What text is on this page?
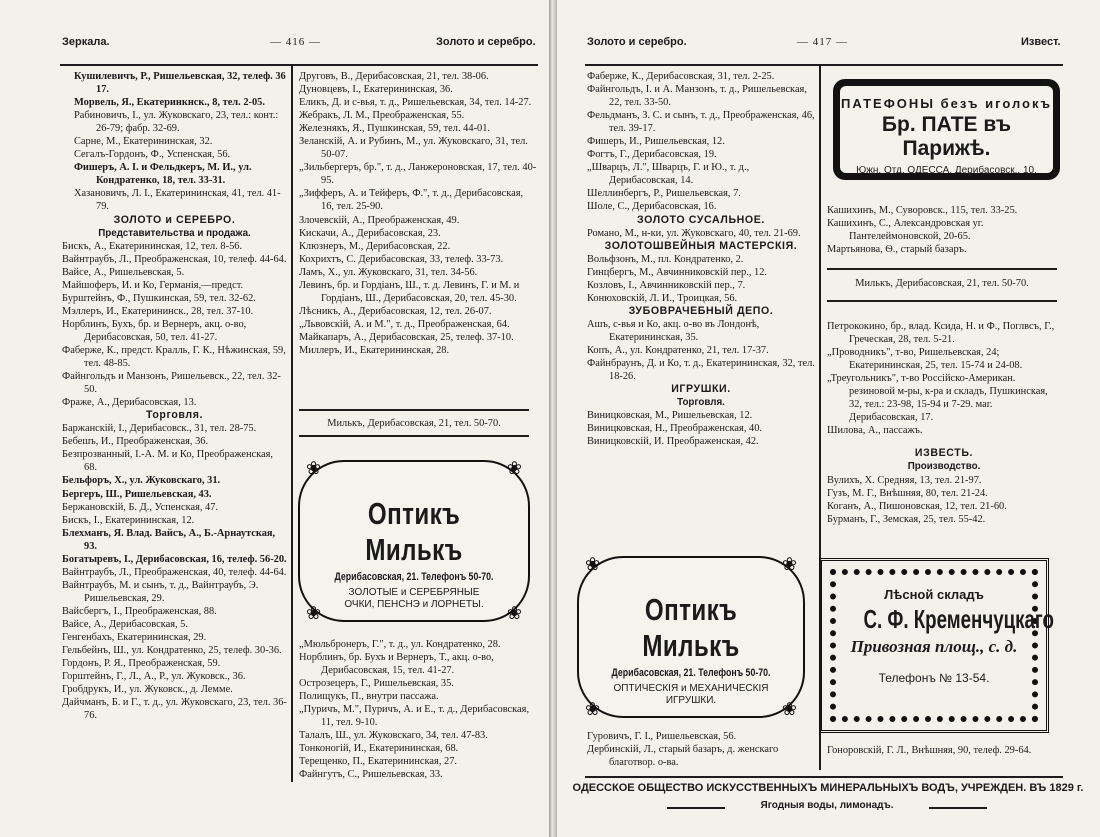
Зеркала.	— 416 —	Золото и серебро.

Кушилевичъ, Р., Ришельевская, 32, телеф. 36 17.

Морвель, Я., Екатеринкнск., 8, тел. 2-05.

Рабиновичъ, І., ул. Жуковскаго, 23, тел.: конт.: 26-79; фабр. 32-69.

Сарне, М., Екатерининская, 32.

Сегалъ-Гордонъ, Ф., Успенская, 56.

Фишеръ, А. І. и Фельдкеръ, М. И., ул. Кондратенко, 18, тел. 33-31.

Хазановичъ, Л. І., Екатерининская, 41, тел. 41-79.

ЗОЛОТО и СЕРЕБРО.

Представительства и продажа.

Бискъ, А., Екатерининская, 12, тел. 8-56.

Вайнтраубъ, Л., Преображенская, 10, телеф. 44-64.

Вайсе, А., Ришельевская, 5.

Майшоферъ, И. и Ко, Германія,—предст.

Бурштейнъ, Ф., Пушкинская, 59, тел. 32-62.

Мэллеръ, И., Екатерининск., 28, тел. 37-10.

Норблинъ, Бухъ, бр. и Вернеръ, акц. о-во, Дерибасовская, 50, тел. 41-27.

Фаберже, К., предст. Кралль, Г. К., Нѣжинская, 59, тел. 48-85.

Файнгольдъ и Манзонъ, Ришельевск., 22, тел. 32-50.

Фраже, А., Дерибасовская, 13.

Торговля.

Баржанскій, І., Дерибасовск., 31, тел. 28-75.

Бебешъ, И., Преображенская, 36.

Безпрозванный, І.-А. М. и Ко, Преображенская, 68.

Бельфоръ, Х., ул. Жуковскаго, 31.

Бергеръ, Ш., Ришельевская, 43.

Бержановскій, Б. Д., Успенская, 47.

Бискъ, І., Екатерининская, 12.

Блехманъ, Я. Влад. Вайсъ, А., Б.-Арнаутская, 93.

Богатыревъ, І., Дерибасовская, 16, телеф. 56-20.

Вайнтраубъ, Л., Преображенская, 40, телеф. 44-64.

Вайнтраубъ, М. и сынъ, т. д., Вайнтраубъ, Э. Ришельевская, 29.

Вайсбергъ, І., Преображенская, 88.

Вайсе, А., Дерибасовская, 5.

Генгенбахъ, Екатерининская, 29.

Гельбейнъ, Ш., ул. Кондратенко, 25, телеф. 30-36.

Гордонъ, Р. Я., Преображенская, 59.

Горштейнъ, Г., Л., А., Р., ул. Жуковск., 36.

Гробдрукъ, И., ул. Жуковск., д. Лемме.

Дайчманъ, Б. и Г., т. д., ул. Жуковскаго, 23, тел. 36-76.

Друговъ, В., Дерибасовская, 21, тел. 38-06.

Дуновцевъ, І., Екатерининская, 36.

Еликъ, Д. и с-вья, т. д., Ришельевская, 34, тел. 14-27.

Жебракъ, Л. М., Преображенская, 55.

Железнякъ, Я., Пушкинская, 59, тел. 44-01.

Зеланскій, А. и Рубинъ, М., ул. Жуковскаго, 31, тел. 50-07.

„Зильбергеръ, бр.", т. д., Ланжероновская, 17, тел. 40-95.

„Зифферъ, А. и Тейферъ, Ф.", т. д., Дерибасовская, 16, тел. 25-90.

Злочевскій, А., Преображенская, 49.

Кискачи, А., Дерибасовская, 23.

Клюзнеръ, М., Дерибасовская, 22.

Кохрихтъ, С. Дерибасовская, 33, телеф. 33-73.

Ламъ, Х., ул. Жуковскаго, 31, тел. 34-56.

Левинъ, бр. и Гордіанъ, Ш., т. д. Левинъ, Г. и М. и Гордіанъ, Ш., Дерибасовская, 20, тел. 45-30.

Лѣсникъ, А., Дерибасовская, 12, тел. 26-07.

„Львовскій, А. и М.", т. д., Преображенская, 64.

Майкапаръ, А., Дерибасовская, 25, телеф. 37-10.

Миллеръ, И., Екатерининская, 28.

Милькъ, Дерибасовская, 21, тел. 50-70.
❀	❀
❀	❀
Оптикъ Милькъ
Дерибасовская, 21. Телефонъ 50-70.
ЗОЛОТЫЕ и СЕРЕБРЯНЫЕ ОЧКИ, ПЕНСНЭ и ЛОРНЕТЫ.

„Мюльбронеръ, Г.", т. д., ул. Кондратенко, 28.

Норблинъ, бр. Бухъ и Вернеръ, Т., акц. о-во, Дерибасовская, 15, тел. 41-27.

Острозецеръ, Г., Ришельевская, 35.

Полищукъ, П., внутри пассажа.

„Пуричъ, М.", Пуричъ, А. и Е., т. д., Дерибасовская, 11, тел. 9-10.

Талалъ, Ш., ул. Жуковскаго, 34, тел. 47-83.

Тонконогій, И., Екатерининская, 68.

Терещенко, П., Екатерининская, 27.

Файнгутъ, С., Ришельевская, 33.

Золото и серебро.	— 417 —	Извест.

Фаберже, К., Дерибасовская, 31, тел. 2-25.

Файнгольдъ, І. и А. Манзонъ, т. д., Ришельевская, 22, тел. 33-50.

Фельдманъ, З. С. и сынъ, т. д., Преображенская, 46, тел. 39-17.

Фишеръ, И., Ришельевская, 12.

Фогтъ, Г., Дерибасовская, 19.

„Шварцъ, Л.", Шварцъ, Г. и Ю., т. д., Дерибасовская, 14.

Шеллинбергъ, Р., Ришельевская, 7.

Шоле, С., Дерибасовская, 16.

ЗОЛОТО СУСАЛЬНОЕ.

Романо, М., н-ки, ул. Жуковскаго, 40, тел. 21-69.

ЗОЛОТОШВЕЙНЫЯ МАСТЕРСКІЯ.

Вольфзонъ, М., пл. Кондратенко, 2.

Гинцбергъ, М., Авчинниковскій пер., 12.

Козловъ, І., Авчинниковскій пер., 7.

Конюховскій, Л. И., Троицкая, 56.

ЗУБОВРАЧЕБНЫЙ ДЕПО.

Ашъ, с-вья и Ко, акц. о-во въ Лондонѣ, Екатерининская, 35.

Копъ, А., ул. Кондратенко, 21, тел. 17-37.

Файнбраунъ, Д. и Ко, т. д., Екатерининская, 32, тел. 18-26.

ИГРУШКИ.

Торговля.

Виницковская, М., Ришельевская, 12.

Виницковская, Н., Преображенская, 40.

Виницковскій, И. Преображенская, 42.

❀	❀
❀	❀
Оптикъ Милькъ
Дерибасовская, 21. Телефонъ 50-70.
ОПТИЧЕСКІЯ и МЕХАНИЧЕСКІЯ ИГРУШКИ.

Гуровичъ, Г. І., Ришельевская, 56.

Дербинскій, Л., старый базаръ, д. женскаго благотвор. о-ва.

ПАТЕФОНЫ безъ иголокъ
Бр. ПАТЕ въ Парижѣ.
Южн. Отд. ОДЕССА, Дерибасовск., 10.

Кашихинъ, М., Суворовск., 115, тел. 33-25.

Кашихинъ, С., Александровская уг. Пантелеймоновской, 20-65.

Мартьянова, Ѳ., старый базаръ.

Милькъ, Дерибасовская, 21, тел. 50-70.

Петрококино, бр., влад. Ксида, Н. и Ф., Поглвсъ, Г., Греческая, 28, тел. 5-21.

„Проводникъ", т-во, Ришельевская, 24; Екатерининская, 25, тел. 15-74 и 24-08.

„Треугольникъ", т-во Россійско-Американ. резиновой м-ры, к-ра и складъ, Пушкинская, 32, тел.: 23-98, 15-94 и 7-29. маг. Дерибасовская, 17.

Шилова, А., пассажъ.

ИЗВЕСТЬ.

Производство.

Вулихъ, Х. Средняя, 13, тел. 21-97.

Гузъ, М. Г., Внѣшняя, 80, тел. 21-24.

Коганъ, А., Пишоновская, 12, тел. 21-60.

Бурманъ, Г., Земская, 25, тел. 55-42.

Лѣсной складъ
С. Ф. Кременчуцкаго
Привозная площ., с. д.
Телефонъ № 13-54.

Гоноровскій, Г. Л., Внѣшняя, 90, телеф. 29-64.

ОДЕССКОЕ ОБЩЕСТВО ИСКУССТВЕННЫХЪ МИНЕРАЛЬНЫХЪ ВОДЪ, УЧРЕЖДЕН. ВЪ 1829 г.
Ягодныя воды, лимонадъ.
